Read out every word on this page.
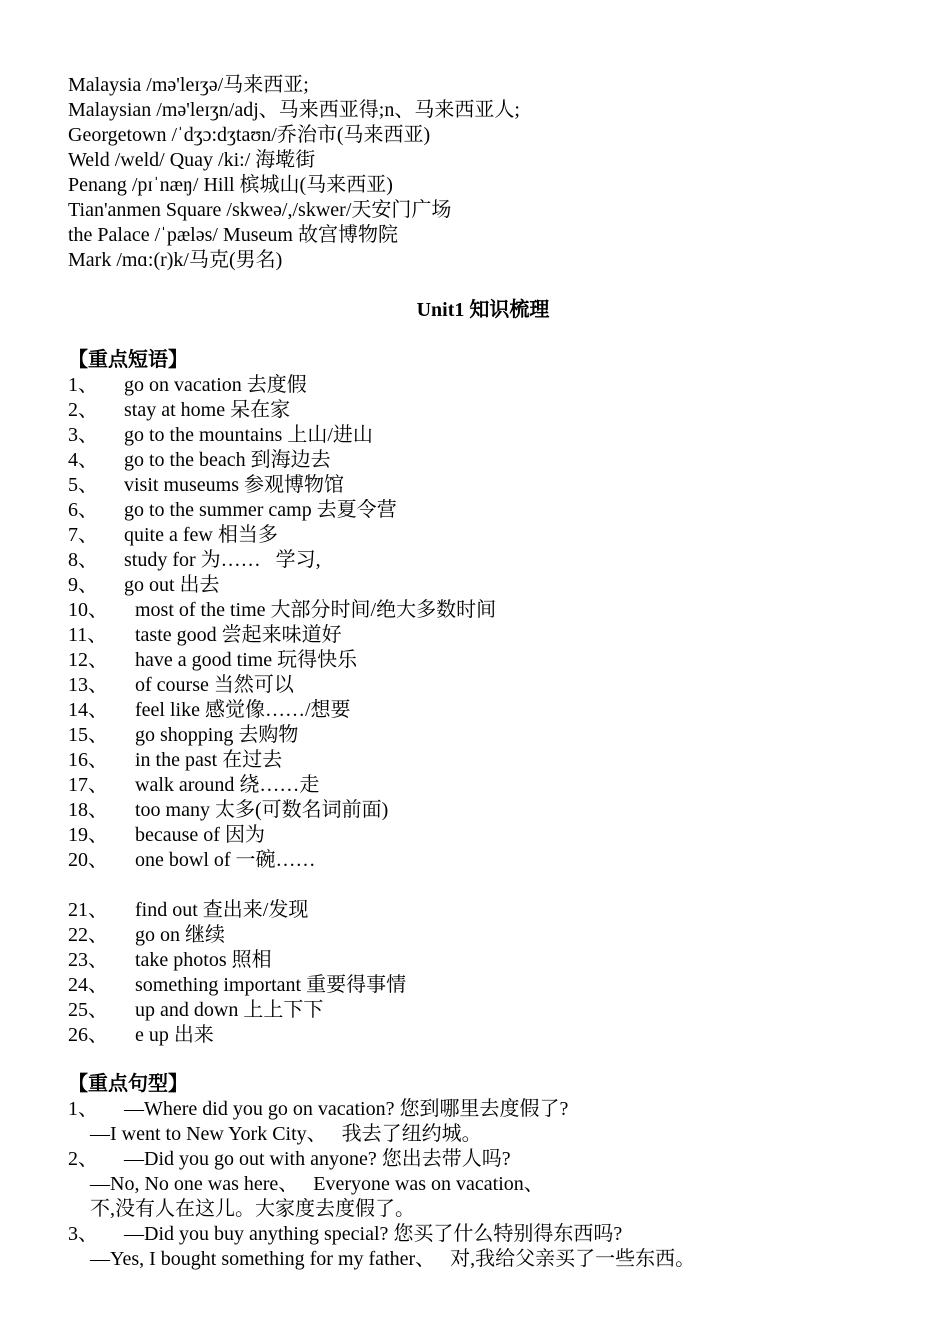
Malaysia /mə'leɪʒə/马来西亚;
Malaysian /mə'leɪʒn/adj、马来西亚得;n、马来西亚人;
Georgetown /ˈdʒɔ:dʒtaʊn/乔治市(马来西亚)
Weld /weld/ Quay /ki:/ 海墘街
Penang /pɪˈnæŋ/ Hill 槟城山(马来西亚)
Tian'anmen Square /skweə/,/skwer/天安门广场
the Palace /ˈpæləs/ Museum 故宫博物院
Mark /mɑ:(r)k/马克(男名)
Unit1 知识梳理
【重点短语】
1、	go on vacation 去度假
2、	stay at home 呆在家
3、	go to the mountains 上山/进山
4、	go to the beach 到海边去
5、	visit museums 参观博物馆
6、	go to the summer camp 去夏令营
7、	quite a few 相当多
8、	study for 为……   学习,
9、	go out 出去
10、	most of the time 大部分时间/绝大多数时间
11、	taste good 尝起来味道好
12、	have a good time 玩得快乐
13、	of course 当然可以
14、	feel like 感觉像……/想要
15、	go shopping 去购物
16、	in the past 在过去
17、	walk around 绕……走
18、	too many 太多(可数名词前面)
19、	because of 因为
20、	one bowl of 一碗……
21、	find out 查出来/发现
22、	go on 继续
23、	take photos 照相
24、	something important 重要得事情
25、	up and down 上上下下
26、	e up 出来
【重点句型】
1、	—Where did you go on vacation? 您到哪里去度假了?
—I went to New York City、   我去了纽约城。
2、	—Did you go out with anyone? 您出去带人吗?
—No, No one was here、   Everyone was on vacation、
不,没有人在这儿。大家度去度假了。
3、	—Did you buy anything special? 您买了什么特别得东西吗?
—Yes, I bought something for my father、   对,我给父亲买了一些东西。
